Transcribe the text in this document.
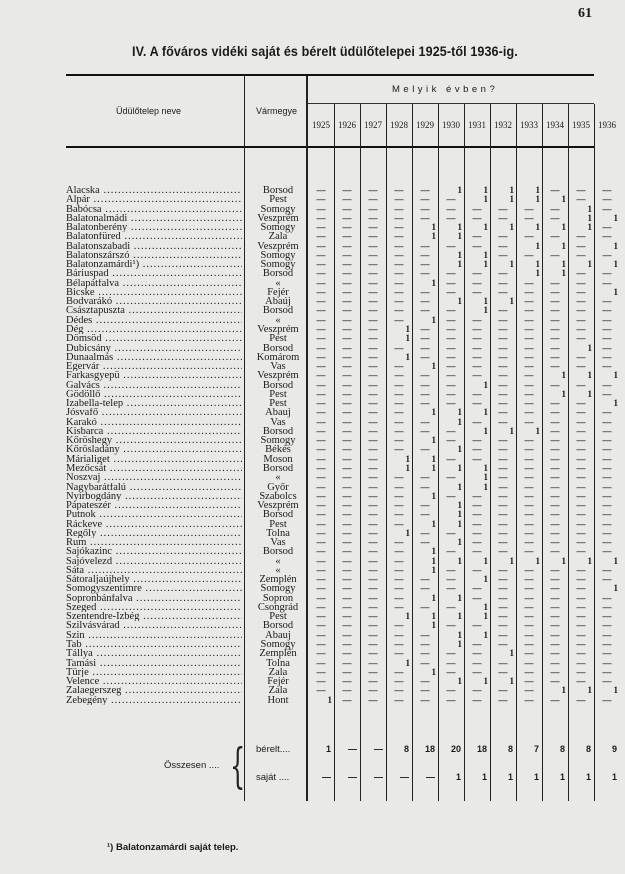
61
IV. A főváros vidéki saját és bérelt üdülőtelepei 1925-től 1936-ig.
Üdülőtelep neve	Vármegye
Melyik évben?
1925 1926 1927 1928 1929 1930 1931 1932 1933 1934 1935 1936
Alacska .....	Borsod	—	—	—	—	—	1	1	1	1	—	—	—
Alpár .....	Pest	—	—	—	—	—	—	1	1	1	1	—	—
Babócsa .....	Somogy	—	—	—	—	—	—	—	—	—	—	1	—
Balatonalmádi .....	Veszprém	—	—	—	—	—	—	—	—	—	—	1	1
Balatonberény .....	Somogy	—	—	—	—	1	1	1	1	1	1	1	—
Balatonfüred .....	Zala	—	—	—	—	1	1	—	—	—	—	—	—
Balatonszabadi .....	Veszprém	—	—	—	—	—	—	—	—	1	1	—	1
Balatonszárszó .....	Somogy	—	—	—	—	—	1	1	—	—	—	—	—
Balatonzamárdi¹) .....	Somogy	—	—	—	—	—	1	1	1	1	1	1	1
Báriuspad .....	Borsod	—	—	—	—	—	—	—	—	1	1	—	—
Bélapátfalva .....	«	—	—	—	—	1	—	—	—	—	—	—	—
Bicske .....	Fejér	—	—	—	—	—	—	—	—	—	—	—	1
Bodvarákó .....	Abaúj	—	—	—	—	—	1	1	1	—	—	—	—
Császtapuszta .....	Borsod	—	—	—	—	—	—	1	—	—	—	—	—
Dédes .....	«	—	—	—	—	1	—	—	—	—	—	—	—
Dég .....	Veszprém	—	—	—	1	—	—	—	—	—	—	—	—
Dömsöd .....	Pest	—	—	—	1	—	—	—	—	—	—	—	—
Dubicsány .....	Borsod	—	—	—	—	—	—	—	—	—	—	1	—
Dunaalmás .....	Komárom	—	—	—	1	—	—	—	—	—	—	—	—
Egervár .....	Vas	—	—	—	—	1	—	—	—	—	—	—	—
Farkasgyepü .....	Veszprém	—	—	—	—	—	—	—	—	—	1	1	1
Galvács .....	Borsod	—	—	—	—	—	—	1	—	—	—	—	—
Gödöllő .....	Pest	—	—	—	—	—	—	—	—	—	1	1	—
Izabella-telep .....	Pest	—	—	—	—	—	—	—	—	—	—	—	1
Jósvafő .....	Abauj	—	—	—	—	1	1	1	—	—	—	—	—
Karakó .....	Vas	—	—	—	—	—	1	—	—	—	—	—	—
Kisbarca .....	Borsod	—	—	—	—	—	—	1	1	1	—	—	—
Kőröshegy .....	Somogy	—	—	—	—	1	—	—	—	—	—	—	—
Kőrösladány .....	Békés	—	—	—	—	—	1	—	—	—	—	—	—
Márialiget .....	Moson	—	—	—	1	1	—	—	—	—	—	—	—
Mezőcsát .....	Borsod	—	—	—	1	1	1	1	—	—	—	—	—
Noszvaj .....	«	—	—	—	—	—	—	1	—	—	—	—	—
Nagybarátfalú .....	Győr	—	—	—	—	—	1	1	—	—	—	—	—
Nyírbogdány .....	Szabolcs	—	—	—	—	1	—	—	—	—	—	—	—
Pápateszér .....	Veszprém	—	—	—	—	—	1	—	—	—	—	—	—
Putnok .....	Borsod	—	—	—	—	—	1	—	—	—	—	—	—
Ráckeve .....	Pest	—	—	—	—	1	1	—	—	—	—	—	—
Regőly .....	Tolna	—	—	—	1	—	—	—	—	—	—	—	—
Rum .....	Vas	—	—	—	—	—	1	—	—	—	—	—	—
Sajókazinc .....	Borsod	—	—	—	—	1	—	—	—	—	—	—	—
Sajóvelezd .....	«	—	—	—	—	1	1	1	1	1	1	1	1
Sáta .....	«	—	—	—	—	1	—	—	—	—	—	—	—
Sátoraljaújhely .....	Zemplén	—	—	—	—	—	—	1	—	—	—	—	—
Somogyszentimre .....	Somogy	—	—	—	—	—	—	—	—	—	—	—	1
Sopronbánfalva .....	Sopron	—	—	—	—	1	1	—	—	—	—	—	—
Szeged .....	Csongrád	—	—	—	—	—	—	1	—	—	—	—	—
Szentendre-Izbég .....	Pest	—	—	—	1	1	1	1	—	—	—	—	—
Szilvásvárad .....	Borsod	—	—	—	—	1	—	—	—	—	—	—	—
Szin .....	Abauj	—	—	—	—	—	1	1	—	—	—	—	—
Tab .....	Somogy	—	—	—	—	—	1	—	—	—	—	—	—
Tállya .....	Zemplén	—	—	—	—	—	—	—	1	—	—	—	—
Tamási .....	Tolna	—	—	—	1	—	—	—	—	—	—	—	—
Türje .....	Zala	—	—	—	—	1	—	—	—	—	—	—	—
Velence .....	Fejér	—	—	—	—	—	1	1	1	—	—	—	—
Zalaegerszeg .....	Zala	—	—	—	—	—	—	—	—	—	1	1	1
Zebegény .....	Hont	1	—	—	—	—	—	—	—	—	—	—	—
Összesen .... { bérelt....	1	—	—	8	18	20	18	8	7	8	8	9
saját ....	—	—	—	—	—	1	1	1	1	1	1	1
¹) Balatonzamárdi saját telep.
